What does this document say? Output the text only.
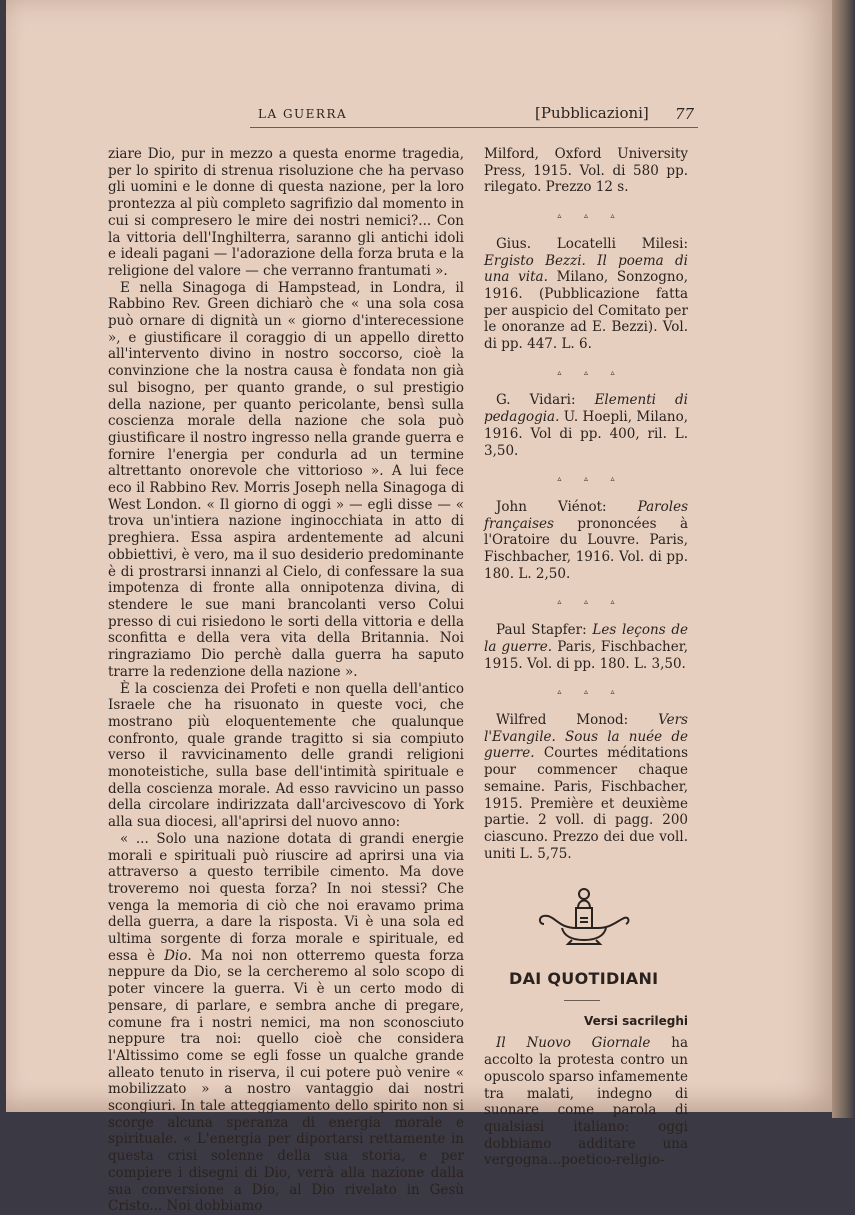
LA GUERRA	[Pubblicazioni] 77

ziare Dio, pur in mezzo a questa enorme tragedia, per lo spirito di strenua risoluzione che ha pervaso gli uomini e le donne di questa nazione, per la loro prontezza al più completo sagrifizio dal momento in cui si compresero le mire dei nostri nemici?... Con la vittoria dell'Inghilterra, saranno gli antichi idoli e ideali pagani — l'adorazione della forza bruta e la religione del valore — che verranno frantumati ».

E nella Sinagoga di Hampstead, in Londra, il Rabbino Rev. Green dichiarò che « una sola cosa può ornare di dignità un « giorno d'interecessione », e giustificare il coraggio di un appello diretto all'intervento divino in nostro soccorso, cioè la convinzione che la nostra causa è fondata non già sul bisogno, per quanto grande, o sul prestigio della nazione, per quanto pericolante, bensì sulla coscienza morale della nazione che sola può giustificare il nostro ingresso nella grande guerra e fornire l'energia per condurla ad un termine altrettanto onorevole che vittorioso ». A lui fece eco il Rabbino Rev. Morris Joseph nella Sinagoga di West London. « Il giorno di oggi » — egli disse — « trova un'intiera nazione inginocchiata in atto di preghiera. Essa aspira ardentemente ad alcuni obbiettivi, è vero, ma il suo desiderio predominante è di prostrarsi innanzi al Cielo, di confessare la sua impotenza di fronte alla onnipotenza divina, di stendere le sue mani brancolanti verso Colui presso di cui risiedono le sorti della vittoria e della sconfitta e della vera vita della Britannia. Noi ringraziamo Dio perchè dalla guerra ha saputo trarre la redenzione della nazione ».

È la coscienza dei Profeti e non quella dell'antico Israele che ha risuonato in queste voci, che mostrano più eloquentemente che qualunque confronto, quale grande tragitto si sia compiuto verso il ravvicinamento delle grandi religioni monoteistiche, sulla base dell'intimità spirituale e della coscienza morale. Ad esso ravvicino un passo della circolare indirizzata dall'arcivescovo di York alla sua diocesi, all'aprirsi del nuovo anno:

« ... Solo una nazione dotata di grandi energie morali e spirituali può riuscire ad aprirsi una via attraverso a questo terribile cimento. Ma dove troveremo noi questa forza? In noi stessi? Che venga la memoria di ciò che noi eravamo prima della guerra, a dare la risposta. Vi è una sola ed ultima sorgente di forza morale e spirituale, ed essa è Dio. Ma noi non otterremo questa forza neppure da Dio, se la cercheremo al solo scopo di poter vincere la guerra. Vi è un certo modo di pensare, di parlare, e sembra anche di pregare, comune fra i nostri nemici, ma non sconosciuto neppure tra noi: quello cioè che considera l'Altissimo come se egli fosse un qualche grande alleato tenuto in riserva, il cui potere può venire « mobilizzato » a nostro vantaggio dai nostri scongiuri. In tale atteggiamento dello spirito non si scorge alcuna speranza di energia morale e spirituale. « L'energia per diportarsi rettamente in questa crisi solenne della sua storia, e per compiere i disegni di Dio, verrà alla nazione dalla sua conversione a Dio, al Dio rivelato in Gesù Cristo... Noi dobbiamo

Milford, Oxford University Press, 1915. Vol. di 580 pp. rilegato. Prezzo 12 s.

▵ ▵ ▵

Gius. Locatelli Milesi: Ergisto Bezzi. Il poema di una vita. Milano, Sonzogno, 1916. (Pubblicazione fatta per auspicio del Comitato per le onoranze ad E. Bezzi). Vol. di pp. 447. L. 6.

▵ ▵ ▵

G. Vidari: Elementi di pedagogia. U. Hoepli, Milano, 1916. Vol di pp. 400, ril. L. 3,50.

▵ ▵ ▵

John Viénot: Paroles françaises prononcées à l'Oratoire du Louvre. Paris, Fischbacher, 1916. Vol. di pp. 180. L. 2,50.

▵ ▵ ▵

Paul Stapfer: Les leçons de la guerre. Paris, Fischbacher, 1915. Vol. di pp. 180. L. 3,50.

▵ ▵ ▵

Wilfred Monod: Vers l'Evangile. Sous la nuée de guerre. Courtes méditations pour commencer chaque semaine. Paris, Fischbacher, 1915. Première et deuxième partie. 2 voll. di pagg. 200 ciascuno. Prezzo dei due voll. uniti L. 5,75.

DAI QUOTIDIANI
Versi sacrileghi

Il Nuovo Giornale ha accolto la protesta contro un opuscolo sparso infamemente tra malati, indegno di suonare come parola di qualsiasi italiano: oggi dobbiamo additare una vergogna...poetico-religio-
